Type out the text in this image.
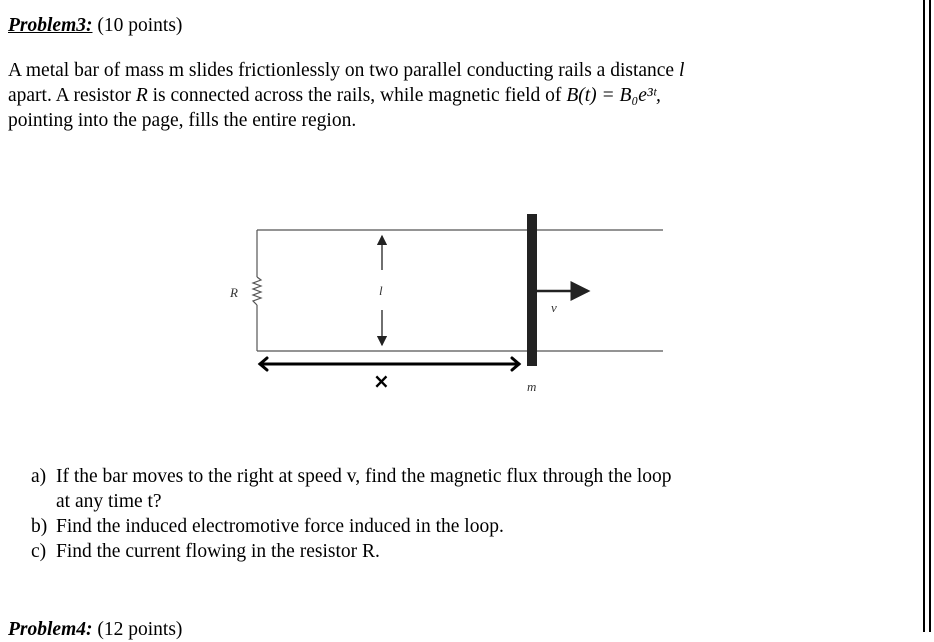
Problem3: (10 points)
A metal bar of mass m slides frictionlessly on two parallel conducting rails a distance l
apart. A resistor R is connected across the rails, while magnetic field of B(t) = B₀e³ᵗ,
pointing into the page, fills the entire region.
R	l
v
×	m
a) If the bar moves to the right at speed v, find the magnetic flux through the loop
at any time t?
b) Find the induced electromotive force induced in the loop.
c) Find the current flowing in the resistor R.
Problem4: (12 points)
